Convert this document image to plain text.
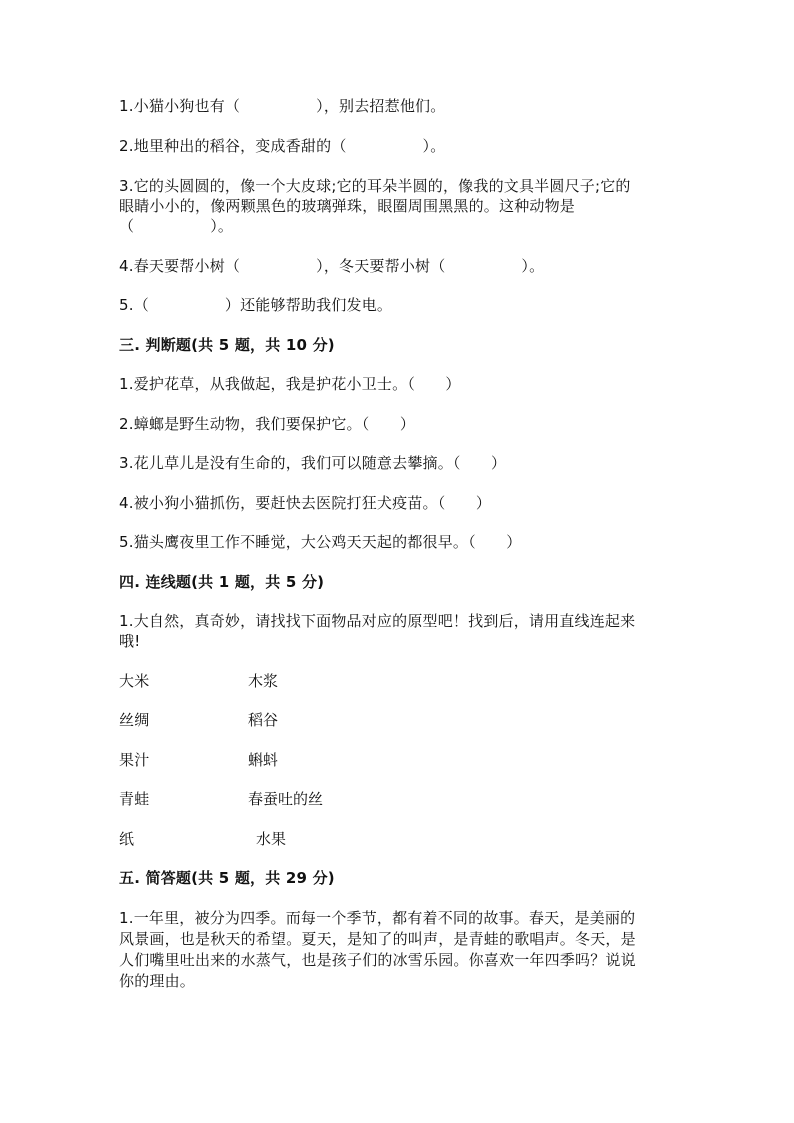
1.小猫小狗也有（　　　　　），别去招惹他们。
2.地里种出的稻谷，变成香甜的（　　　　　）。
3.它的头圆圆的，像一个大皮球;它的耳朵半圆的，像我的文具半圆尺子;它的
眼睛小小的，像两颗黑色的玻璃弹珠，眼圈周围黑黑的。这种动物是
（　　　　　）。
4.春天要帮小树（　　　　　），冬天要帮小树（　　　　　）。
5.（　　　　　）还能够帮助我们发电。
三. 判断题(共 5 题，共 10 分)
1.爱护花草，从我做起，我是护花小卫士。（　　）
2.蟑螂是野生动物，我们要保护它。（　　）
3.花儿草儿是没有生命的，我们可以随意去攀摘。（　　）
4.被小狗小猫抓伤，要赶快去医院打狂犬疫苗。（　　）
5.猫头鹰夜里工作不睡觉，大公鸡天天起的都很早。（　　）
四. 连线题(共 1 题，共 5 分)
1.大自然，真奇妙，请找找下面物品对应的原型吧！找到后，请用直线连起来
哦!
大米	木浆
丝绸	稻谷
果汁	蝌蚪
青蛙	春蚕吐的丝
纸	水果
五. 简答题(共 5 题，共 29 分)
1.一年里，被分为四季。而每一个季节，都有着不同的故事。春天，是美丽的
风景画，也是秋天的希望。夏天，是知了的叫声，是青蛙的歌唱声。冬天，是
人们嘴里吐出来的水蒸气，也是孩子们的冰雪乐园。你喜欢一年四季吗？说说
你的理由。
